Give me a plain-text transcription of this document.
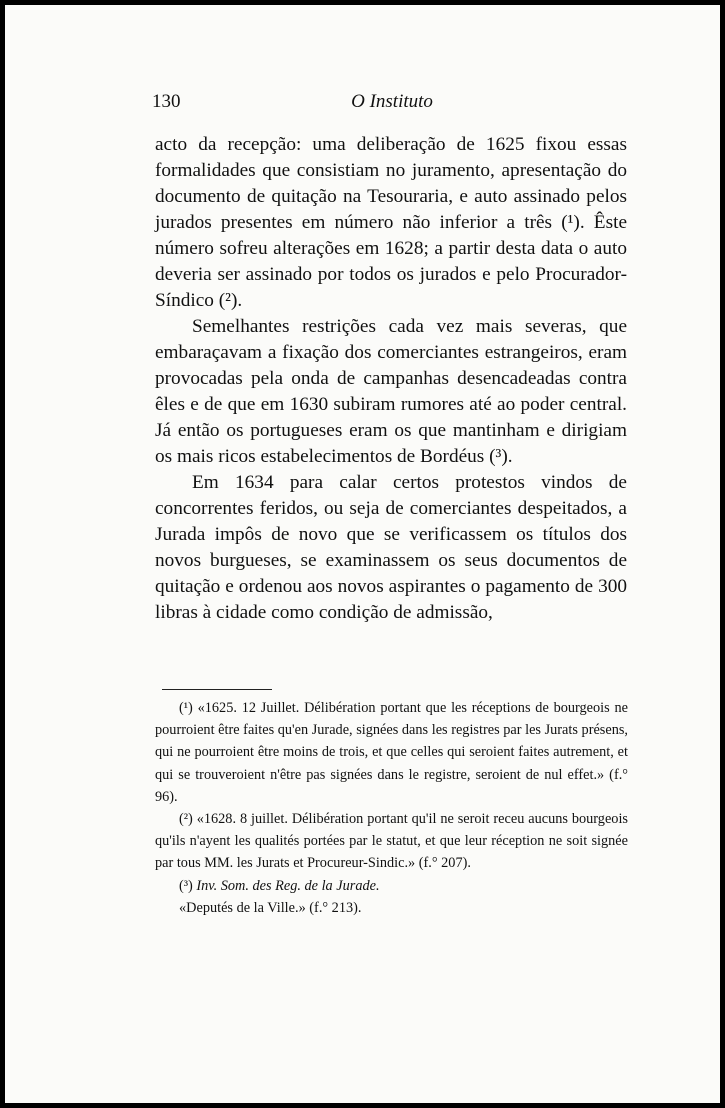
130	O Instituto

acto da recepção: uma deliberação de 1625 fixou essas formalidades que consistiam no juramento, apresentação do documento de quitação na Tesouraria, e auto assinado pelos jurados presentes em número não inferior a três (¹). Êste número sofreu alterações em 1628; a partir desta data o auto deveria ser assinado por todos os jurados e pelo Procurador-Síndico (²).

Semelhantes restrições cada vez mais severas, que embaraçavam a fixação dos comerciantes estrangeiros, eram provocadas pela onda de campanhas desencadeadas contra êles e de que em 1630 subiram rumores até ao poder central. Já então os portugueses eram os que mantinham e dirigiam os mais ricos estabelecimentos de Bordéus (³).

Em 1634 para calar certos protestos vindos de concorrentes feridos, ou seja de comerciantes despeitados, a Jurada impôs de novo que se verificassem os títulos dos novos burgueses, se examinassem os seus documentos de quitação e ordenou aos novos aspirantes o pagamento de 300 libras à cidade como condição de admissão,

(¹) «1625. 12 Juillet. Délibération portant que les réceptions de bourgeois ne pourroient être faites qu'en Jurade, signées dans les registres par les Jurats présens, qui ne pourroient être moins de trois, et que celles qui seroient faites autrement, et qui se trouveroient n'être pas signées dans le registre, seroient de nul effet.» (f.° 96).

(²) «1628. 8 juillet. Délibération portant qu'il ne seroit receu aucuns bourgeois qu'ils n'ayent les qualités portées par le statut, et que leur réception ne soit signée par tous MM. les Jurats et Procureur-Sindic.» (f.° 207).

(³) Inv. Som. des Reg. de la Jurade.

«Deputés de la Ville.» (f.° 213).
